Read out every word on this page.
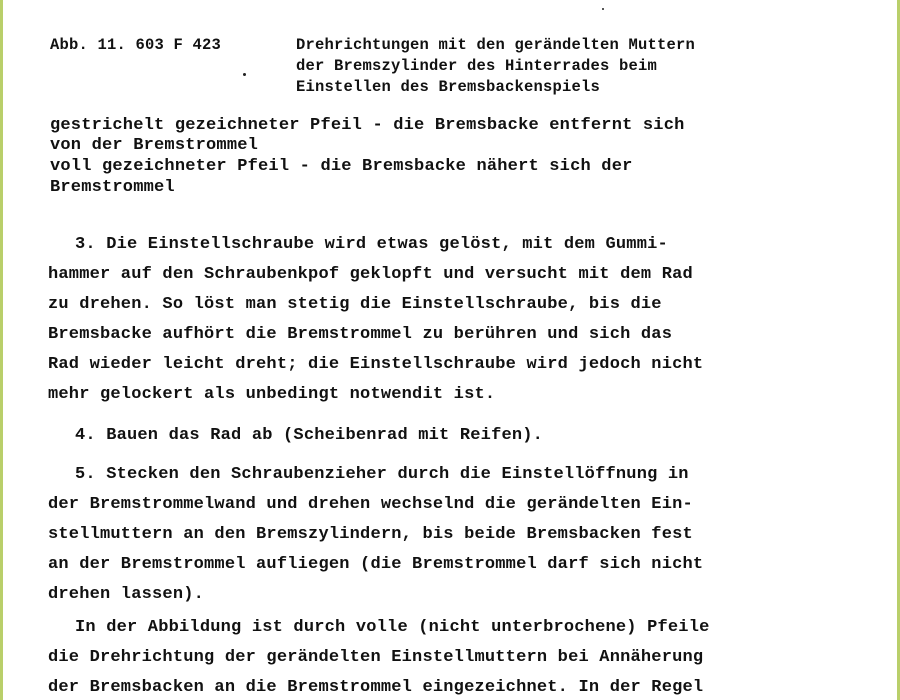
Abb. 11. 603 F 423	Drehrichtungen mit den gerändelten Muttern
der Bremszylinder des Hinterrades beim
Einstellen des Bremsbackenspiels
gestrichelt gezeichneter Pfeil - die Bremsbacke entfernt sich
von der Bremstrommel
voll gezeichneter Pfeil - die Bremsbacke nähert sich der
Bremstrommel
3. Die Einstellschraube wird etwas gelöst, mit dem Gummi-
hammer auf den Schraubenkpof geklopft und versucht mit dem Rad
zu drehen. So löst man stetig die Einstellschraube, bis die
Bremsbacke aufhört die Bremstrommel zu berühren und sich das
Rad wieder leicht dreht; die Einstellschraube wird jedoch nicht
mehr gelockert als unbedingt notwendit ist.
4. Bauen das Rad ab (Scheibenrad mit Reifen).
5. Stecken den Schraubenzieher durch die Einstellöffnung in
der Bremstrommelwand und drehen wechselnd die gerändelten Ein-
stellmuttern an den Bremszylindern, bis beide Bremsbacken fest
an der Bremstrommel aufliegen (die Bremstrommel darf sich nicht
drehen lassen).
In der Abbildung ist durch volle (nicht unterbrochene) Pfeile
die Drehrichtung der gerändelten Einstellmuttern bei Annäherung
der Bremsbacken an die Bremstrommel eingezeichnet. In der Regel
